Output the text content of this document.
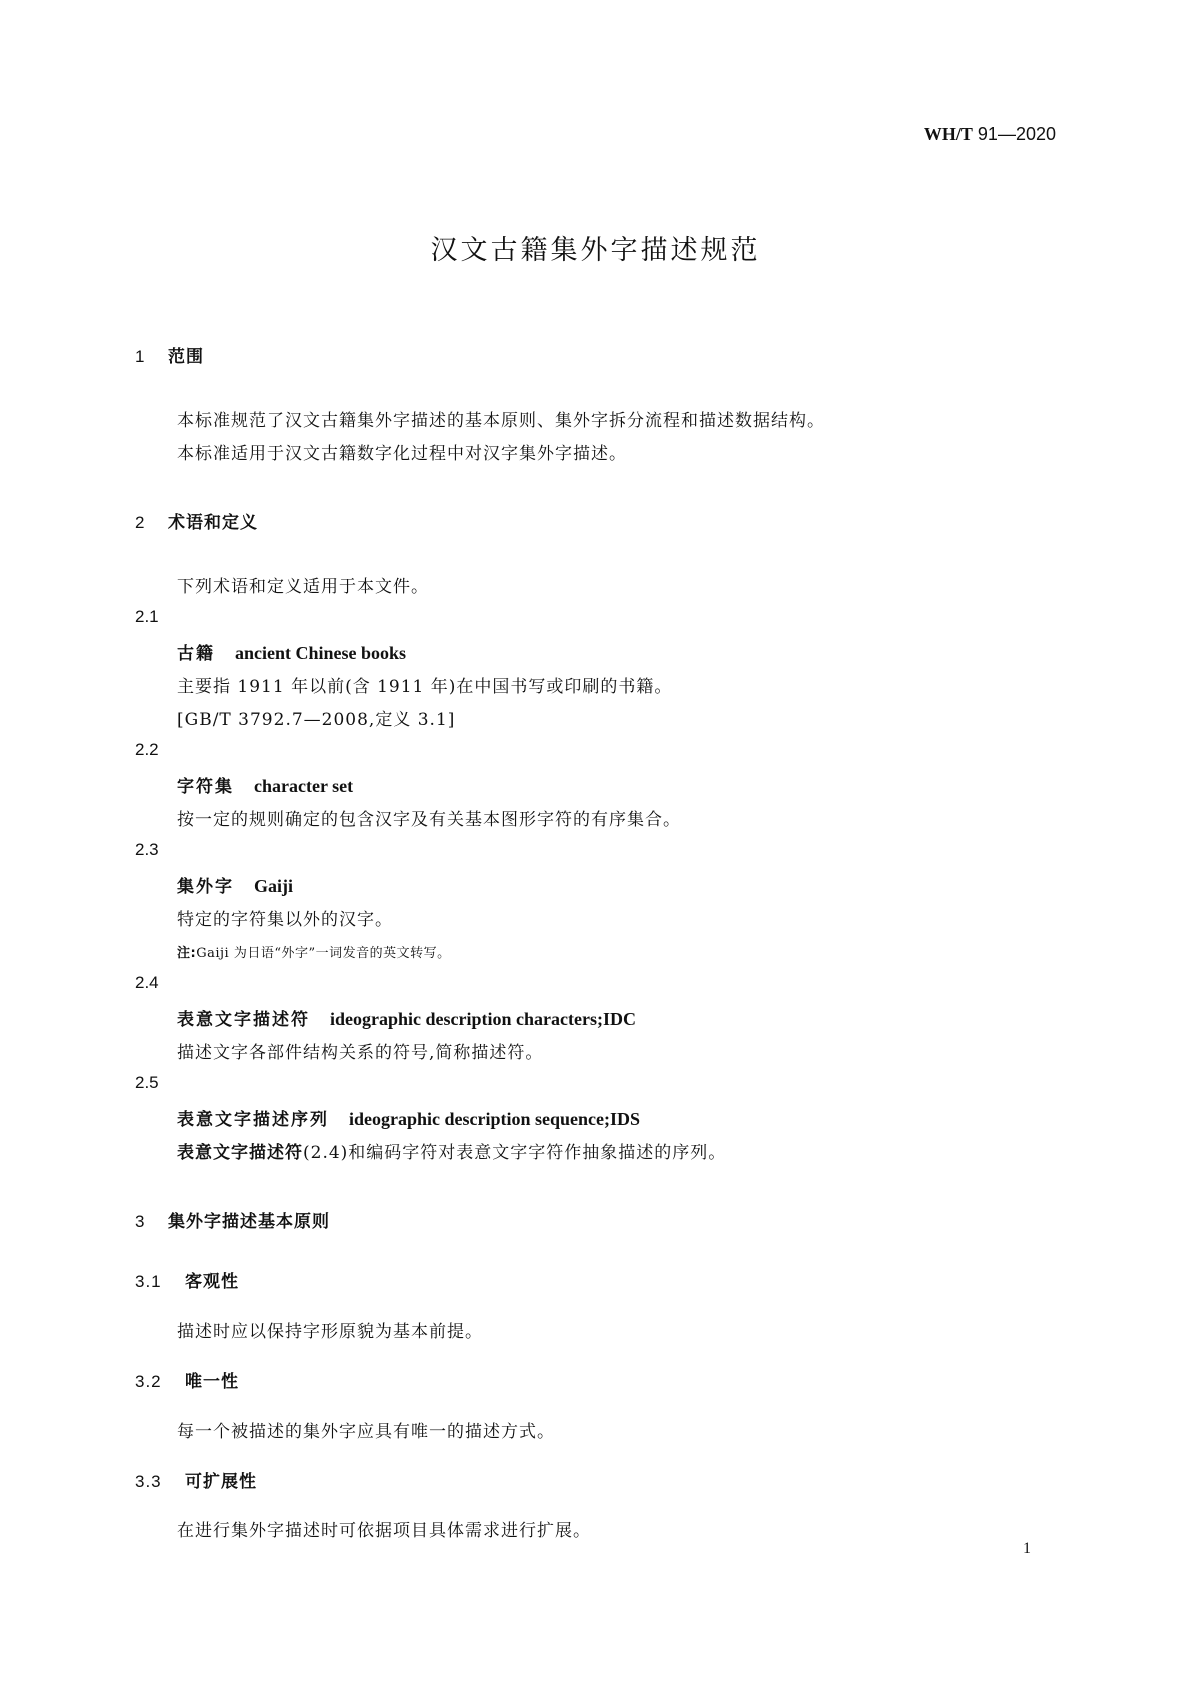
WH/T 91—2020
汉文古籍集外字描述规范
1 范围
本标准规范了汉文古籍集外字描述的基本原则、集外字拆分流程和描述数据结构。
本标准适用于汉文古籍数字化过程中对汉字集外字描述。
2 术语和定义
下列术语和定义适用于本文件。
2.1
古籍 ancient Chinese books
主要指 1911 年以前(含 1911 年)在中国书写或印刷的书籍。
[GB/T 3792.7—2008,定义 3.1]
2.2
字符集 character set
按一定的规则确定的包含汉字及有关基本图形字符的有序集合。
2.3
集外字 Gaiji
特定的字符集以外的汉字。
注:Gaiji 为日语“外字”一词发音的英文转写。
2.4
表意文字描述符 ideographic description characters;IDC
描述文字各部件结构关系的符号,简称描述符。
2.5
表意文字描述序列 ideographic description sequence;IDS
表意文字描述符(2.4)和编码字符对表意文字字符作抽象描述的序列。
3 集外字描述基本原则
3.1 客观性
描述时应以保持字形原貌为基本前提。
3.2 唯一性
每一个被描述的集外字应具有唯一的描述方式。
3.3 可扩展性
在进行集外字描述时可依据项目具体需求进行扩展。
1
